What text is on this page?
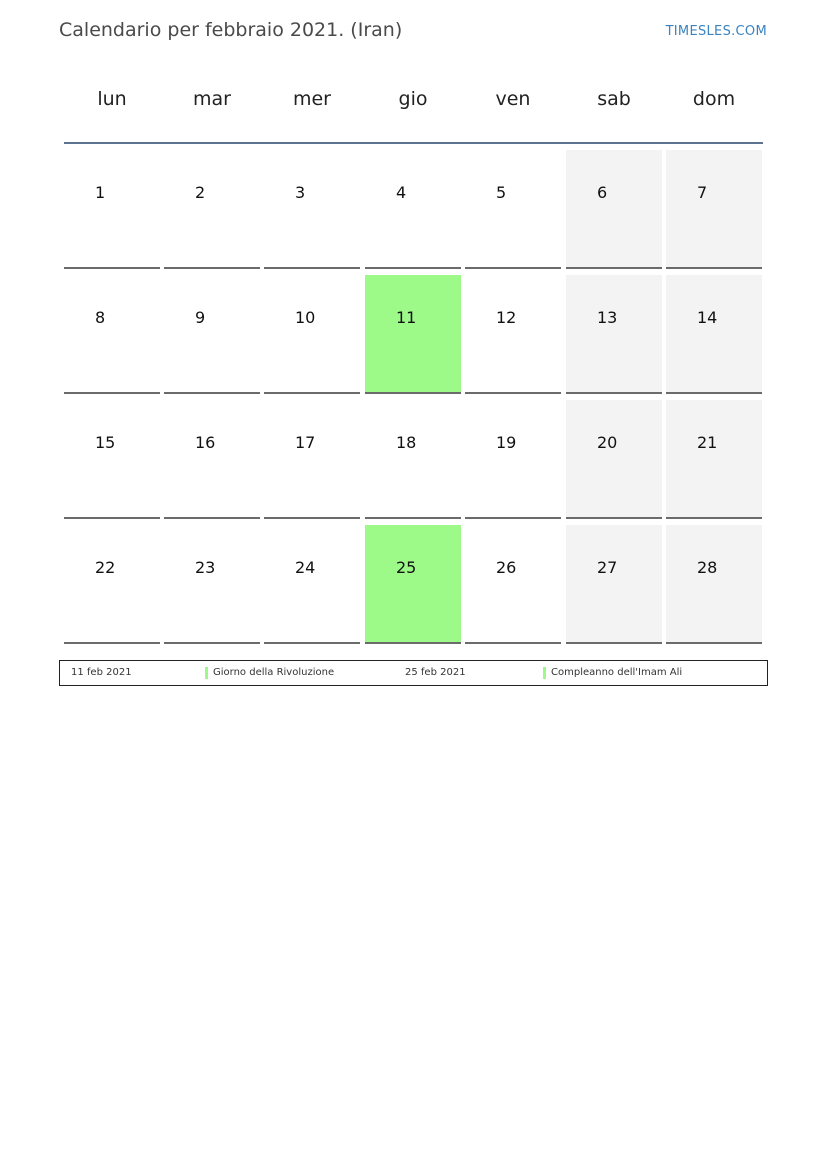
Calendario per febbraio 2021. (Iran)	TIMESLES.COM
lun	mar	mer	gio	ven	sab	dom
1	2	3	4	5	6	7
8	9	10	11	12	13	14
15	16	17	18	19	20	21
22	23	24	25	26	27	28
11 feb 2021	Giorno della Rivoluzione	25 feb 2021	Compleanno dell'Imam Ali
